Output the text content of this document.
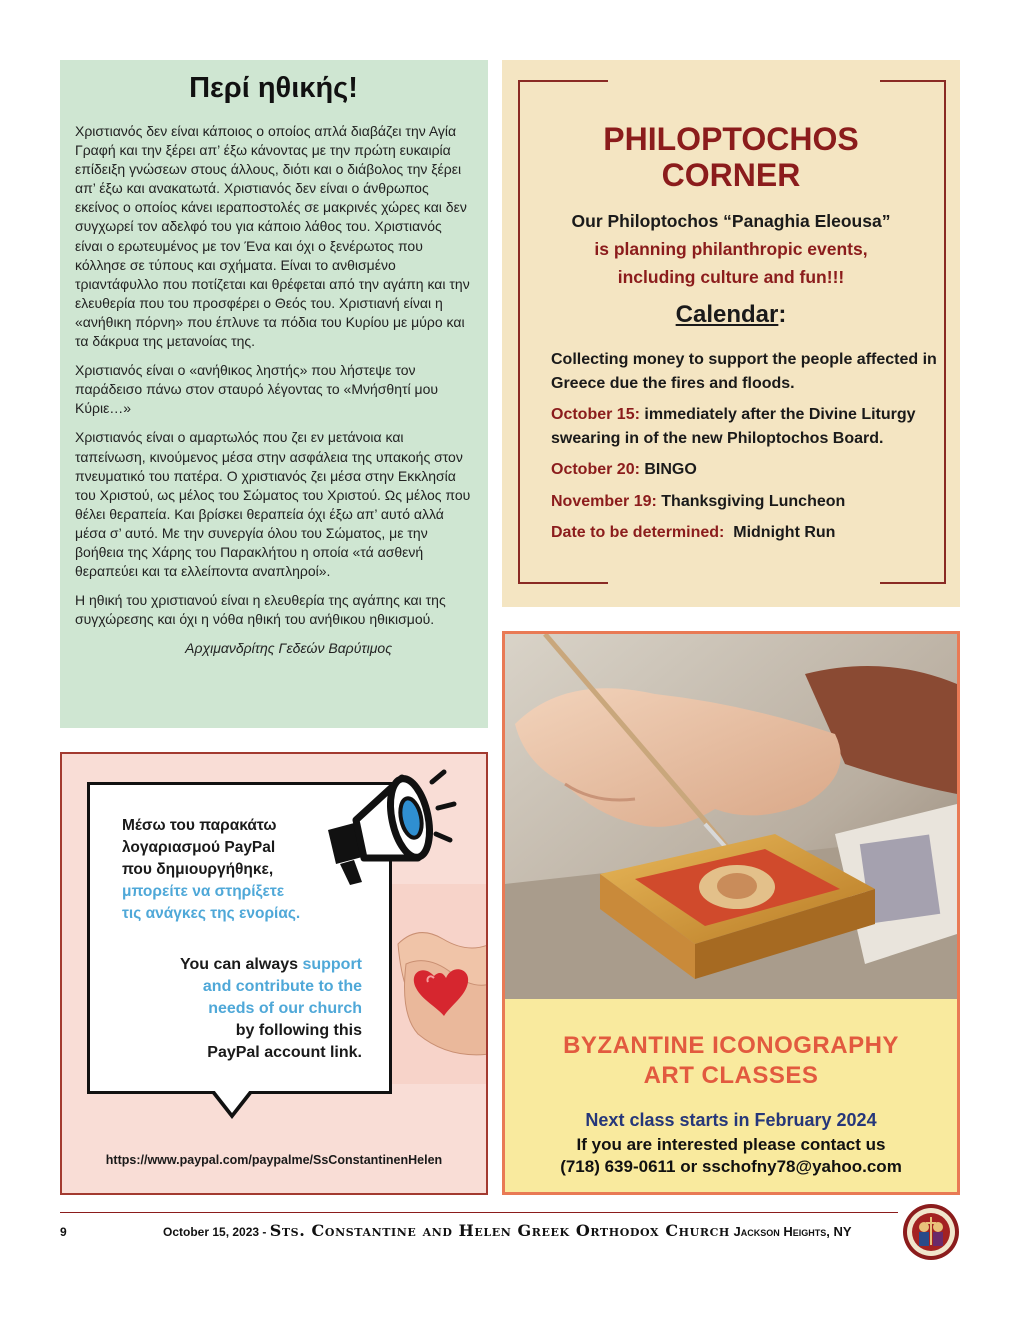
Περί ηθικής!

Χριστιανός δεν είναι κάποιος ο οποίος απλά διαβάζει την Αγία Γραφή και την ξέρει απ’ έξω κάνοντας με την πρώτη ευκαιρία επίδειξη γνώσεων στους άλλους, διότι και ο διάβολος την ξέρει απ’ έξω και ανακατωτά. Χριστιανός δεν είναι ο άνθρωπος εκείνος ο οποίος κάνει ιεραποστολές σε μακρινές χώρες και δεν συγχωρεί τον αδελφό του για κάποιο λάθος του. Χριστιανός είναι ο ερωτευμένος με τον Ένα και όχι ο ξενέρωτος που κόλλησε σε τύπους και σχήματα. Είναι το ανθισμένο τριαντάφυλλο που ποτίζεται και θρέφεται από την αγάπη και την ελευθερία που του προσφέρει ο Θεός του. Χριστιανή είναι η «ανήθικη πόρνη» που έπλυνε τα πόδια του Κυρίου με μύρο και τα δάκρυα της μετανοίας της.

Χριστιανός είναι ο «ανήθικος ληστής» που λήστεψε τον παράδεισο πάνω στον σταυρό λέγοντας το «Μνήσθητί μου Κύριε…»

Χριστιανός είναι ο αμαρτωλός που ζει εν μετάνοια και ταπείνωση, κινούμενος μέσα στην ασφάλεια της υπακοής στον πνευματικό του πατέρα. Ο χριστιανός ζει μέσα στην Εκκλησία του Χριστού, ως μέλος του Σώματος του Χριστού. Ως μέλος που θέλει θεραπεία. Και βρίσκει θεραπεία όχι έξω απ’ αυτό αλλά μέσα σ’ αυτό. Με την συνεργία όλου του Σώματος, με την βοήθεια της Χάρης του Παρακλήτου η οποία «τά ασθενή θεραπεύει και τα ελλείποντα αναπληροί».

Η ηθική του χριστιανού είναι η ελευθερία της αγάπης και της συγχώρεσης και όχι η νόθα ηθική του ανήθικου ηθικισμού.

Αρχιμανδρίτης Γεδεών Βαρύτιμος

PHILOPTOCHOS
CORNER
Our Philoptochos “Panaghia Eleousa”
is planning philanthropic events,
including culture and fun!!!
Calendar:
Collecting money to support the people affected in Greece due the fires and floods.
October 15: immediately after the Divine Liturgy swearing in of the new Philoptochos Board.
October 20: BINGO
November 19: Thanksgiving Luncheon
Date to be determined:  Midnight Run
Μέσω του παρακάτω
λογαριασμού PayPal
που δημιουργήθηκε,
μπορείτε να στηρίξετε
τις ανάγκες της ενορίας.
You can always support
and contribute to the
needs of our church
by following this
PayPal account link.
https://www.paypal.com/paypalme/SsConstantinenHelen
BYZANTINE ICONOGRAPHY
ART CLASSES
Next class starts in February 2024
If you are interested please contact us
(718) 639-0611 or sschofny78@yahoo.com
9	October 15, 2023 - Sts. Constantine and Helen Greek Orthodox Church Jackson Heights, NY
